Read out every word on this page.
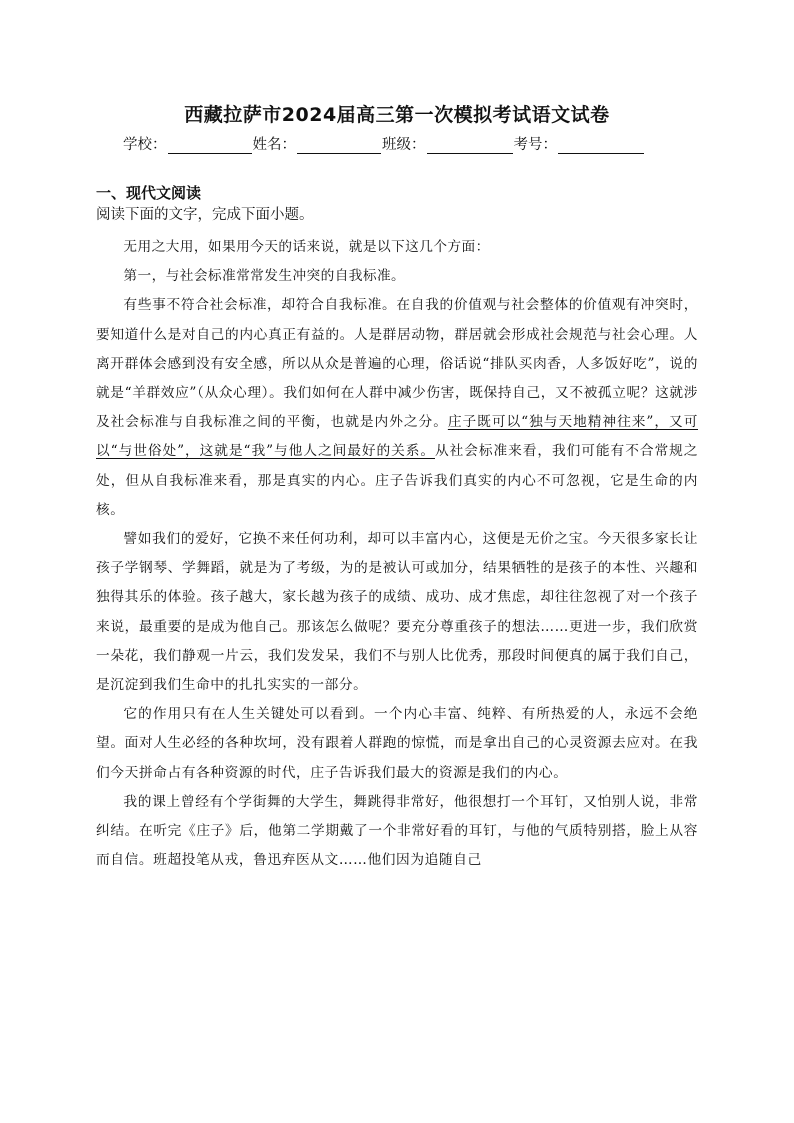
西藏拉萨市2024届高三第一次模拟考试语文试卷
学校：	姓名：	班级：	考号：
一、现代文阅读
阅读下面的文字，完成下面小题。

无用之大用，如果用今天的话来说，就是以下这几个方面：

第一，与社会标准常常发生冲突的自我标准。

有些事不符合社会标准，却符合自我标准。在自我的价值观与社会整体的价值观有冲突时，要知道什么是对自己的内心真正有益的。人是群居动物，群居就会形成社会规范与社会心理。人离开群体会感到没有安全感，所以从众是普遍的心理，俗话说“排队买肉香，人多饭好吃”，说的就是“羊群效应”（从众心理）。我们如何在人群中减少伤害，既保持自己，又不被孤立呢？这就涉及社会标准与自我标准之间的平衡，也就是内外之分。庄子既可以“独与天地精神往来”，又可以“与世俗处”，这就是“我”与他人之间最好的关系。从社会标准来看，我们可能有不合常规之处，但从自我标准来看，那是真实的内心。庄子告诉我们真实的内心不可忽视，它是生命的内核。

譬如我们的爱好，它换不来任何功利，却可以丰富内心，这便是无价之宝。今天很多家长让孩子学钢琴、学舞蹈，就是为了考级，为的是被认可或加分，结果牺牲的是孩子的本性、兴趣和独得其乐的体验。孩子越大，家长越为孩子的成绩、成功、成才焦虑，却往往忽视了对一个孩子来说，最重要的是成为他自己。那该怎么做呢？要充分尊重孩子的想法……更进一步，我们欣赏一朵花，我们静观一片云，我们发发呆，我们不与别人比优秀，那段时间便真的属于我们自己，是沉淀到我们生命中的扎扎实实的一部分。

它的作用只有在人生关键处可以看到。一个内心丰富、纯粹、有所热爱的人，永远不会绝望。面对人生必经的各种坎坷，没有跟着人群跑的惊慌，而是拿出自己的心灵资源去应对。在我们今天拼命占有各种资源的时代，庄子告诉我们最大的资源是我们的内心。

我的课上曾经有个学街舞的大学生，舞跳得非常好，他很想打一个耳钉，又怕别人说，非常纠结。在听完《庄子》后，他第二学期戴了一个非常好看的耳钉，与他的气质特别搭，脸上从容而自信。班超投笔从戎，鲁迅弃医从文……他们因为追随自己
